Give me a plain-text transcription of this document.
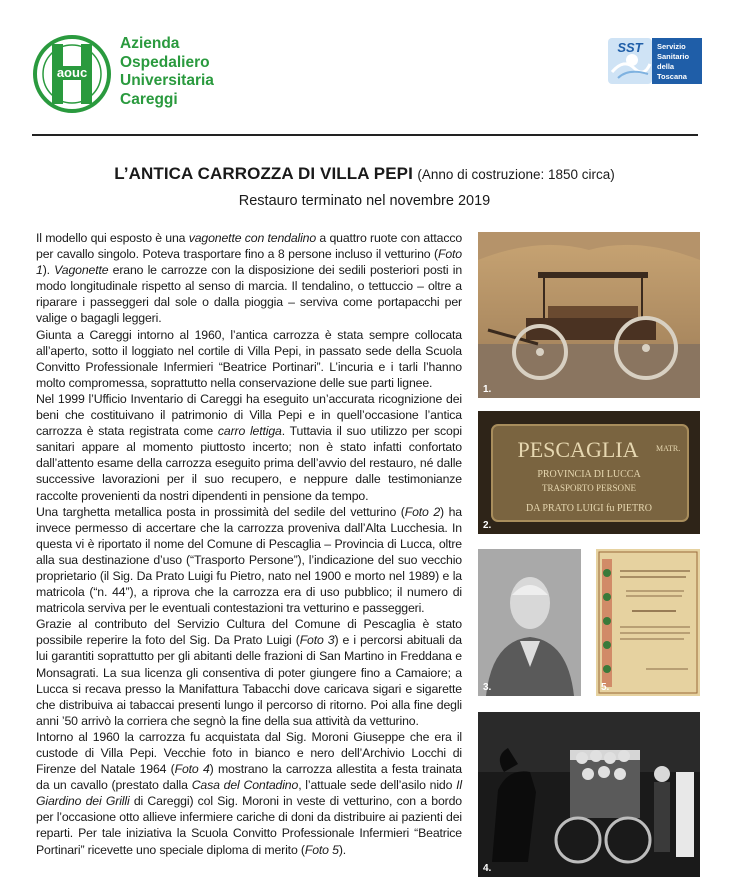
aouc
Azienda
Ospedaliero
Universitaria
Careggi
SST Servizio
Sanitario
della
Toscana
L’ANTICA CARROZZA DI VILLA PEPI (Anno di costruzione: 1850 circa)
Restauro terminato nel novembre 2019

Il modello qui esposto è una vagonette con tendalino a quattro ruote con attacco per cavallo singolo. Poteva trasportare fino a 8 persone incluso il vetturino (Foto 1). Vagonette erano le carrozze con la disposizione dei sedili posteriori posti in modo longitudinale rispetto al senso di marcia. Il tendalino, o tettuccio – oltre a riparare i passeggeri dal sole o dalla pioggia – serviva come portapacchi per valige o bagagli leggeri.

Giunta a Careggi intorno al 1960, l’antica carrozza è stata sempre collocata all’aperto, sotto il loggiato nel cortile di Villa Pepi, in passato sede della Scuola Convitto Professionale Infermieri “Beatrice Portinari”. L’incuria e i tarli l’hanno molto compromessa, soprattutto nella conservazione delle sue parti lignee.

Nel 1999 l’Ufficio Inventario di Careggi ha eseguito un’accurata ricognizione dei beni che costituivano il patrimonio di Villa Pepi e in quell’occasione l’antica carrozza è stata registrata come carro lettiga. Tuttavia il suo utilizzo per scopi sanitari appare al momento piuttosto incerto; non è stato infatti confortato dall’attento esame della carrozza eseguito prima dell’avvio del restauro, né dalle successive lavorazioni per il suo recupero, e neppure dalle testimonianze raccolte provenienti da nostri dipendenti in pensione da tempo.

Una targhetta metallica posta in prossimità del sedile del vetturino (Foto 2) ha invece permesso di accertare che la carrozza proveniva dall’Alta Lucchesia. In questa vi è riportato il nome del Comune di Pescaglia – Provincia di Lucca, oltre alla sua destinazione d’uso (“Trasporto Persone”), l’indicazione del suo vecchio proprietario (il Sig. Da Prato Luigi fu Pietro, nato nel 1900 e morto nel 1989) e la matricola (“n. 44”), a riprova che la carrozza era di uso pubblico; il numero di matricola serviva per le eventuali contestazioni tra vetturino e passeggeri.

Grazie al contributo del Servizio Cultura del Comune di Pescaglia è stato possibile reperire la foto del Sig. Da Prato Luigi (Foto 3) e i percorsi abituali da lui garantiti soprattutto per gli abitanti delle frazioni di San Martino in Freddana e Monsagrati. La sua licenza gli consentiva di poter giungere fino a Camaiore; a Lucca si recava presso la Manifattura Tabacchi dove caricava sigari e sigarette che distribuiva ai tabaccai presenti lungo il percorso di ritorno. Poi alla fine degli anni ’50 arrivò la corriera che segnò la fine della sua attività da vetturino.

Intorno al 1960 la carrozza fu acquistata dal Sig. Moroni Giuseppe che era il custode di Villa Pepi. Vecchie foto in bianco e nero dell’Archivio Locchi di Firenze del Natale 1964 (Foto 4) mostrano la carrozza allestita a festa trainata da un cavallo (prestato dalla Casa del Contadino, l’attuale sede dell’asilo nido Il Giardino dei Grilli di Careggi) col Sig. Moroni in veste di vetturino, con a bordo per l’occasione otto allieve infermiere cariche di doni da distribuire ai pazienti dei reparti. Per tale iniziativa la Scuola Convitto Professionale Infermieri “Beatrice Portinari” ricevette uno speciale diploma di merito (Foto 5).

1.
PESCAGLIA MATR.
PROVINCIA DI LUCCA
TRASPORTO PERSONE
DA PRATO LUIGI fu PIETRO
2.
3.	5.
4.
